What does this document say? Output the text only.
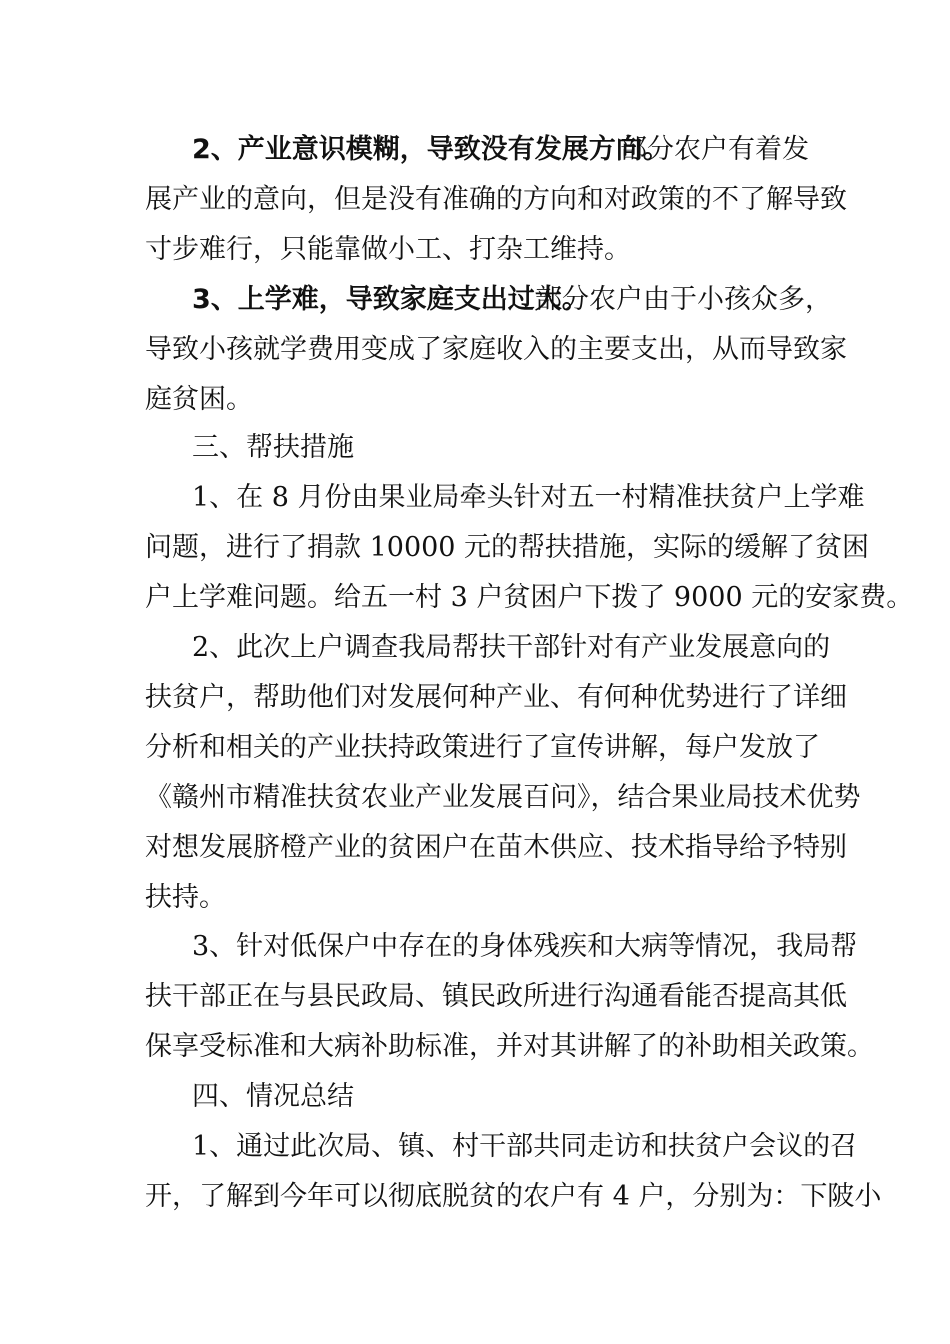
2、产业意识模糊，导致没有发展方向。
部分农户有着发
展产业的意向，但是没有准确的方向和对政策的不了解导致
寸步难行，只能靠做小工、打杂工维持。
3、上学难，导致家庭支出过大。
部分农户由于小孩众多，
导致小孩就学费用变成了家庭收入的主要支出，从而导致家
庭贫困。
三、帮扶措施
1、在 8 月份由果业局牵头针对五一村精准扶贫户上学难
问题，进行了捐款 10000 元的帮扶措施，实际的缓解了贫困
户上学难问题。给五一村 3 户贫困户下拨了 9000 元的安家费。
2、此次上户调查我局帮扶干部针对有产业发展意向的
扶贫户，帮助他们对发展何种产业、有何种优势进行了详细
分析和相关的产业扶持政策进行了宣传讲解，每户发放了
《赣州市精准扶贫农业产业发展百问》，结合果业局技术优势
对想发展脐橙产业的贫困户在苗木供应、技术指导给予特别
扶持。
3、针对低保户中存在的身体残疾和大病等情况，我局帮
扶干部正在与县民政局、镇民政所进行沟通看能否提高其低
保享受标准和大病补助标准，并对其讲解了的补助相关政策。
四、情况总结
1、通过此次局、镇、村干部共同走访和扶贫户会议的召
开，了解到今年可以彻底脱贫的农户有 4 户，分别为：下陂小
